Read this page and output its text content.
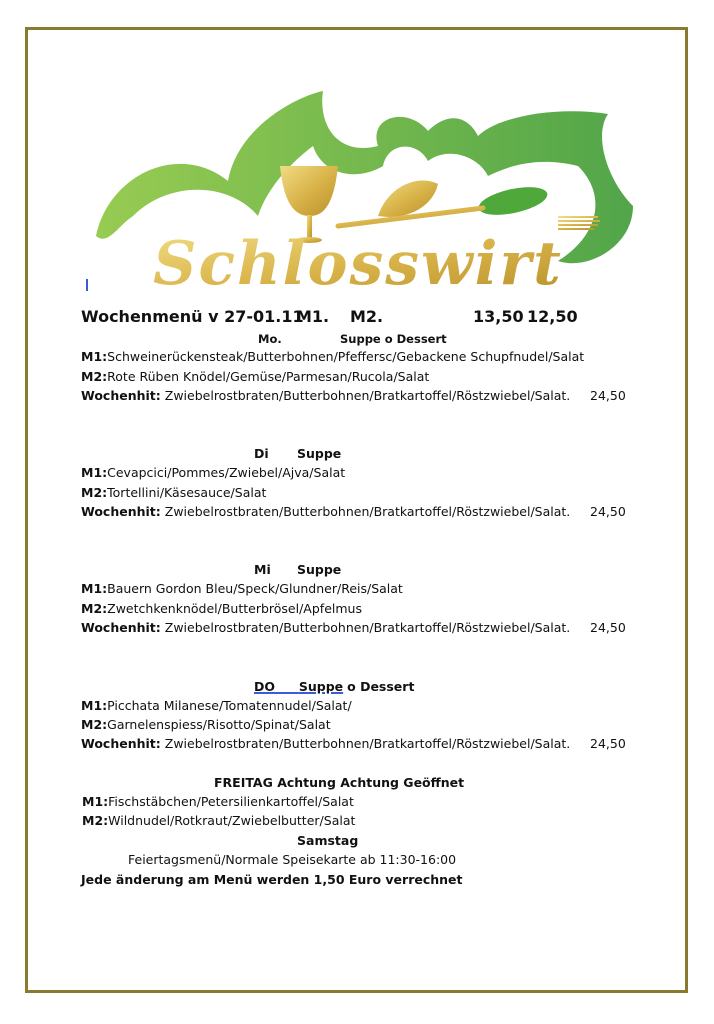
Schlosswirt
Wochenmenü v 27-01.11
M1. M2.	13,50 12,50
Mo.	Suppe o Dessert
M1:Schweinerückensteak/Butterbohnen/Pfeffersc/Gebackene Schupfnudel/Salat
M2:Rote Rüben Knödel/Gemüse/Parmesan/Rucola/Salat
Wochenhit: Zwiebelrostbraten/Butterbohnen/Bratkartoffel/Röstzwiebel/Salat. 24,50
Di Suppe
M1:Cevapcici/Pommes/Zwiebel/Ajva/Salat
M2:Tortellini/Käsesauce/Salat
Wochenhit: Zwiebelrostbraten/Butterbohnen/Bratkartoffel/Röstzwiebel/Salat. 24,50
Mi Suppe
M1:Bauern Gordon Bleu/Speck/Glundner/Reis/Salat
M2:Zwetchkenknödel/Butterbrösel/Apfelmus
Wochenhit: Zwiebelrostbraten/Butterbohnen/Bratkartoffel/Röstzwiebel/Salat. 24,50
DO Suppe o Dessert
M1:Picchata Milanese/Tomatennudel/Salat/
M2:Garnelenspiess/Risotto/Spinat/Salat
Wochenhit: Zwiebelrostbraten/Butterbohnen/Bratkartoffel/Röstzwiebel/Salat. 24,50
FREITAG Achtung Achtung Geöffnet
M1:Fischstäbchen/Petersilienkartoffel/Salat
M2:Wildnudel/Rotkraut/Zwiebelbutter/Salat
Samstag
Feiertagsmenü/Normale Speisekarte ab 11:30-16:00
Jede änderung am Menü werden 1,50 Euro verrechnet
